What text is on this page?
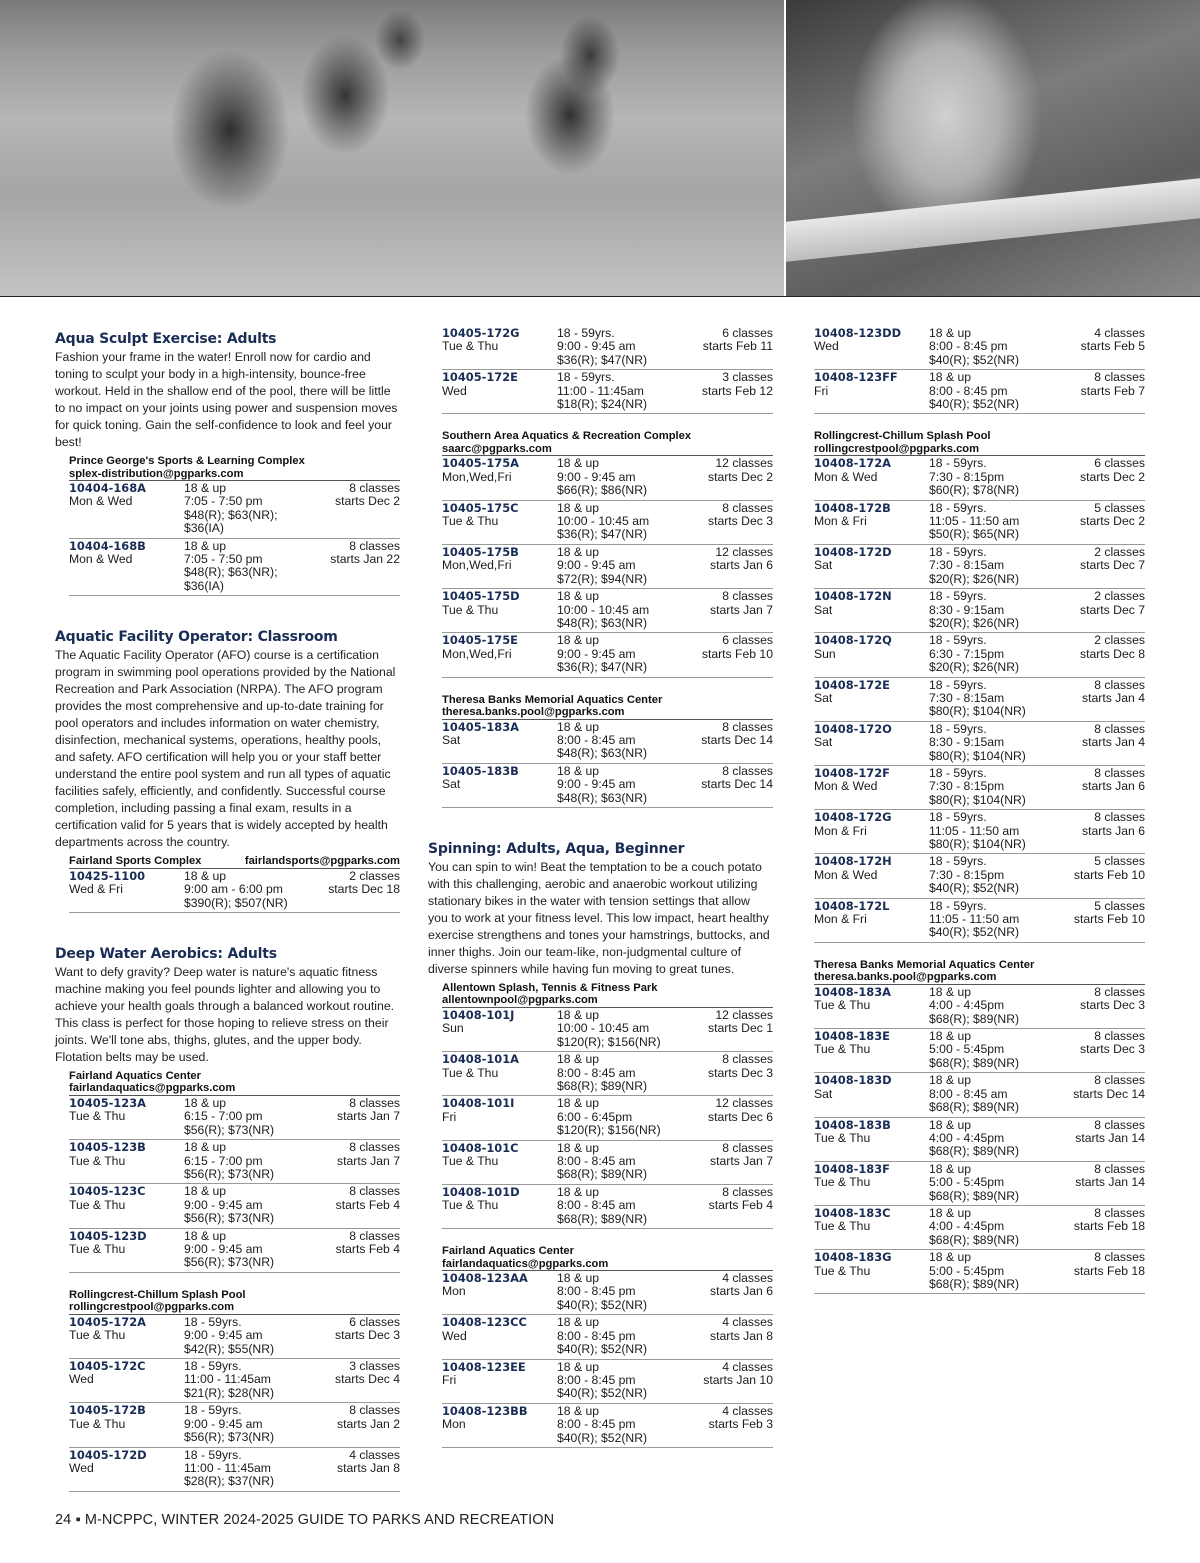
Aqua Sculpt Exercise: Adults
Fashion your frame in the water! Enroll now for cardio and toning to sculpt your body in a high-intensity, bounce-free workout. Held in the shallow end of the pool, there will be little to no impact on your joints using power and suspension moves for quick toning. Gain the self-confidence to look and feel your best!
Prince George's Sports & Learning Complex
splex-distribution@pgparks.com
10404-168A
Mon & Wed
18 & up
7:05 - 7:50 pm
$48(R); $63(NR); $36(IA)
8 classes
starts Dec 2
10404-168B
Mon & Wed
18 & up
7:05 - 7:50 pm
$48(R); $63(NR); $36(IA)
8 classes
starts Jan 22
Aquatic Facility Operator: Classroom
The Aquatic Facility Operator (AFO) course is a certification program in swimming pool operations provided by the National Recreation and Park Association (NRPA). The AFO program provides the most comprehensive and up-to-date training for pool operators and includes information on water chemistry, disinfection, mechanical systems, operations, healthy pools, and safety. AFO certification will help you or your staff better understand the entire pool system and run all types of aquatic facilities safely, efficiently, and confidently. Successful course completion, including passing a final exam, results in a certification valid for 5 years that is widely accepted by health departments across the country.
Fairland Sports Complex	fairlandsports@pgparks.com
10425-1100
Wed & Fri
18 & up
9:00 am - 6:00 pm
$390(R); $507(NR)
2 classes
starts Dec 18
Deep Water Aerobics: Adults
Want to defy gravity? Deep water is nature's aquatic fitness machine making you feel pounds lighter and allowing you to achieve your health goals through a balanced workout routine. This class is perfect for those hoping to relieve stress on their joints. We'll tone abs, thighs, glutes, and the upper body. Flotation belts may be used.
Fairland Aquatics Center
fairlandaquatics@pgparks.com
10405-123A
Tue & Thu
18 & up
6:15 - 7:00 pm
$56(R); $73(NR)
8 classes
starts Jan 7
10405-123B
Tue & Thu
18 & up
6:15 - 7:00 pm
$56(R); $73(NR)
8 classes
starts Jan 7
10405-123C
Tue & Thu
18 & up
9:00 - 9:45 am
$56(R); $73(NR)
8 classes
starts Feb 4
10405-123D
Tue & Thu
18 & up
9:00 - 9:45 am
$56(R); $73(NR)
8 classes
starts Feb 4
Rollingcrest-Chillum Splash Pool
rollingcrestpool@pgparks.com
10405-172A
Tue & Thu
18 - 59yrs.
9:00 - 9:45 am
$42(R); $55(NR)
6 classes
starts Dec 3
10405-172C
Wed
18 - 59yrs.
11:00 - 11:45am
$21(R); $28(NR)
3 classes
starts Dec 4
10405-172B
Tue & Thu
18 - 59yrs.
9:00 - 9:45 am
$56(R); $73(NR)
8 classes
starts Jan 2
10405-172D
Wed
18 - 59yrs.
11:00 - 11:45am
$28(R); $37(NR)
4 classes
starts Jan 8
10405-172G
Tue & Thu
18 - 59yrs.
9:00 - 9:45 am
$36(R); $47(NR)
6 classes
starts Feb 11
10405-172E
Wed
18 - 59yrs.
11:00 - 11:45am
$18(R); $24(NR)
3 classes
starts Feb 12
Southern Area Aquatics & Recreation Complex
saarc@pgparks.com
10405-175A
Mon,Wed,Fri
18 & up
9:00 - 9:45 am
$66(R); $86(NR)
12 classes
starts Dec 2
10405-175C
Tue & Thu
18 & up
10:00 - 10:45 am
$36(R); $47(NR)
8 classes
starts Dec 3
10405-175B
Mon,Wed,Fri
18 & up
9:00 - 9:45 am
$72(R); $94(NR)
12 classes
starts Jan 6
10405-175D
Tue & Thu
18 & up
10:00 - 10:45 am
$48(R); $63(NR)
8 classes
starts Jan 7
10405-175E
Mon,Wed,Fri
18 & up
9:00 - 9:45 am
$36(R); $47(NR)
6 classes
starts Feb 10
Theresa Banks Memorial Aquatics Center
theresa.banks.pool@pgparks.com
10405-183A
Sat
18 & up
8:00 - 8:45 am
$48(R); $63(NR)
8 classes
starts Dec 14
10405-183B
Sat
18 & up
9:00 - 9:45 am
$48(R); $63(NR)
8 classes
starts Dec 14
Spinning: Adults, Aqua, Beginner
You can spin to win! Beat the temptation to be a couch potato with this challenging, aerobic and anaerobic workout utilizing stationary bikes in the water with tension settings that allow you to work at your fitness level. This low impact, heart healthy exercise strengthens and tones your hamstrings, buttocks, and inner thighs. Join our team-like, non-judgmental culture of diverse spinners while having fun moving to great tunes.
Allentown Splash, Tennis & Fitness Park
allentownpool@pgparks.com
10408-101J
Sun
18 & up
10:00 - 10:45 am
$120(R); $156(NR)
12 classes
starts Dec 1
10408-101A
Tue & Thu
18 & up
8:00 - 8:45 am
$68(R); $89(NR)
8 classes
starts Dec 3
10408-101I
Fri
18 & up
6:00 - 6:45pm
$120(R); $156(NR)
12 classes
starts Dec 6
10408-101C
Tue & Thu
18 & up
8:00 - 8:45 am
$68(R); $89(NR)
8 classes
starts Jan 7
10408-101D
Tue & Thu
18 & up
8:00 - 8:45 am
$68(R); $89(NR)
8 classes
starts Feb 4
Fairland Aquatics Center
fairlandaquatics@pgparks.com
10408-123AA
Mon
18 & up
8:00 - 8:45 pm
$40(R); $52(NR)
4 classes
starts Jan 6
10408-123CC
Wed
18 & up
8:00 - 8:45 pm
$40(R); $52(NR)
4 classes
starts Jan 8
10408-123EE
Fri
18 & up
8:00 - 8:45 pm
$40(R); $52(NR)
4 classes
starts Jan 10
10408-123BB
Mon
18 & up
8:00 - 8:45 pm
$40(R); $52(NR)
4 classes
starts Feb 3
10408-123DD
Wed
18 & up
8:00 - 8:45 pm
$40(R); $52(NR)
4 classes
starts Feb 5
10408-123FF
Fri
18 & up
8:00 - 8:45 pm
$40(R); $52(NR)
8 classes
starts Feb 7
Rollingcrest-Chillum Splash Pool
rollingcrestpool@pgparks.com
10408-172A
Mon & Wed
18 - 59yrs.
7:30 - 8:15pm
$60(R); $78(NR)
6 classes
starts Dec 2
10408-172B
Mon & Fri
18 - 59yrs.
11:05 - 11:50 am
$50(R); $65(NR)
5 classes
starts Dec 2
10408-172D
Sat
18 - 59yrs.
7:30 - 8:15am
$20(R); $26(NR)
2 classes
starts Dec 7
10408-172N
Sat
18 - 59yrs.
8:30 - 9:15am
$20(R); $26(NR)
2 classes
starts Dec 7
10408-172Q
Sun
18 - 59yrs.
6:30 - 7:15pm
$20(R); $26(NR)
2 classes
starts Dec 8
10408-172E
Sat
18 - 59yrs.
7:30 - 8:15am
$80(R); $104(NR)
8 classes
starts Jan 4
10408-172O
Sat
18 - 59yrs.
8:30 - 9:15am
$80(R); $104(NR)
8 classes
starts Jan 4
10408-172F
Mon & Wed
18 - 59yrs.
7:30 - 8:15pm
$80(R); $104(NR)
8 classes
starts Jan 6
10408-172G
Mon & Fri
18 - 59yrs.
11:05 - 11:50 am
$80(R); $104(NR)
8 classes
starts Jan 6
10408-172H
Mon & Wed
18 - 59yrs.
7:30 - 8:15pm
$40(R); $52(NR)
5 classes
starts Feb 10
10408-172L
Mon & Fri
18 - 59yrs.
11:05 - 11:50 am
$40(R); $52(NR)
5 classes
starts Feb 10
Theresa Banks Memorial Aquatics Center
theresa.banks.pool@pgparks.com
10408-183A
Tue & Thu
18 & up
4:00 - 4:45pm
$68(R); $89(NR)
8 classes
starts Dec 3
10408-183E
Tue & Thu
18 & up
5:00 - 5:45pm
$68(R); $89(NR)
8 classes
starts Dec 3
10408-183D
Sat
18 & up
8:00 - 8:45 am
$68(R); $89(NR)
8 classes
starts Dec 14
10408-183B
Tue & Thu
18 & up
4:00 - 4:45pm
$68(R); $89(NR)
8 classes
starts Jan 14
10408-183F
Tue & Thu
18 & up
5:00 - 5:45pm
$68(R); $89(NR)
8 classes
starts Jan 14
10408-183C
Tue & Thu
18 & up
4:00 - 4:45pm
$68(R); $89(NR)
8 classes
starts Feb 18
10408-183G
Tue & Thu
18 & up
5:00 - 5:45pm
$68(R); $89(NR)
8 classes
starts Feb 18
24 ▪ M-NCPPC, WINTER 2024-2025 GUIDE TO PARKS AND RECREATION
